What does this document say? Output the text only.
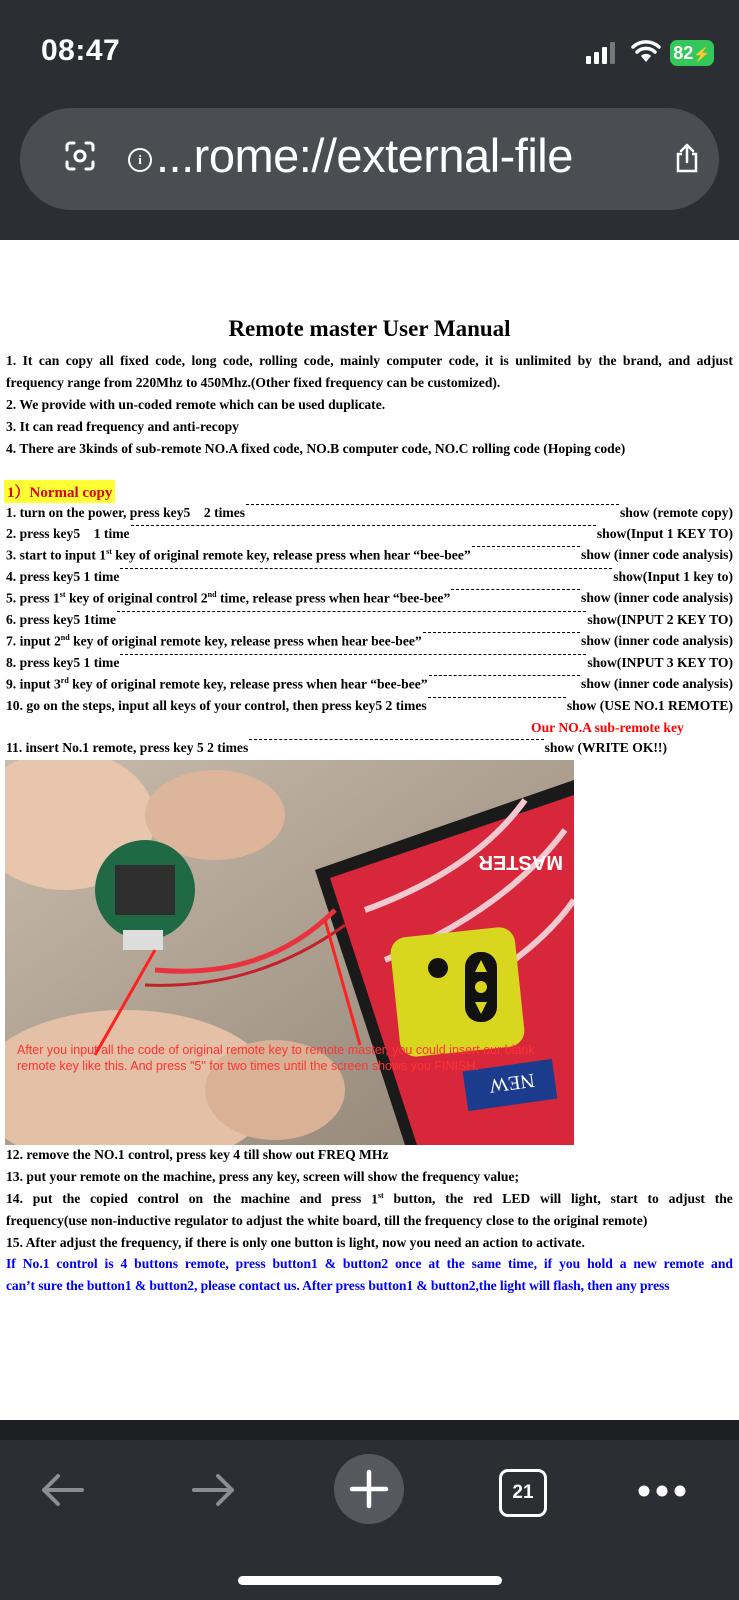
08:47	82⚡
i ...rome://external-file
Remote master User Manual
1. It can copy all fixed code, long code, rolling code, mainly computer code, it is unlimited by the brand, and adjust
frequency range from 220Mhz to 450Mhz.(Other fixed frequency can be customized).
2. We provide with un-coded remote which can be used duplicate.
3. It can read frequency and anti-recopy
4. There are 3kinds of sub-remote NO.A fixed code, NO.B computer code, NO.C rolling code (Hoping code)
1）Normal copy
1. turn on the power, press key5    2 times	show (remote copy)
2. press key5    1 time	show(Input 1 KEY TO)
3. start to input 1st key of original remote key, release press when hear “bee-bee”	show (inner code analysis)
4. press key5 1 time	show(Input 1 key to)
5. press 1st key of original control 2nd time, release press when hear “bee-bee”	show (inner code analysis)
6. press key5 1time	show(INPUT 2 KEY TO)
7. input 2nd key of original remote key, release press when hear bee-bee”	show (inner code analysis)
8. press key5 1 time	show(INPUT 3 KEY TO)
9. input 3rd key of original remote key, release press when hear “bee-bee”	show (inner code analysis)
10. go on the steps, input all keys of your control, then press key5 2 times	show (USE NO.1 REMOTE)
Our NO.A sub-remote key
11. insert No.1 remote, press key 5 2 times	show (WRITE OK!!)
MASTER
NEW
After you input all the code of original remote key to remote master, you could insert our blank remote key like this. And press "5" for two times until the screen shows you FINISH.
12. remove the NO.1 control, press key 4 till show out FREQ MHz
13. put your remote on the machine, press any key, screen will show the frequency value;
14. put the copied control on the machine and press 1st button, the red LED will light, start to adjust the
frequency(use non-inductive regulator to adjust the white board, till the frequency close to the original remote)
15. After adjust the frequency, if there is only one button is light, now you need an action to activate.
If No.1 control is 4 buttons remote, press button1 & button2 once at the same time, if you hold a new remote and
can’t sure the button1 & button2, please contact us. After press button1 & button2,the light will flash, then any press
21
